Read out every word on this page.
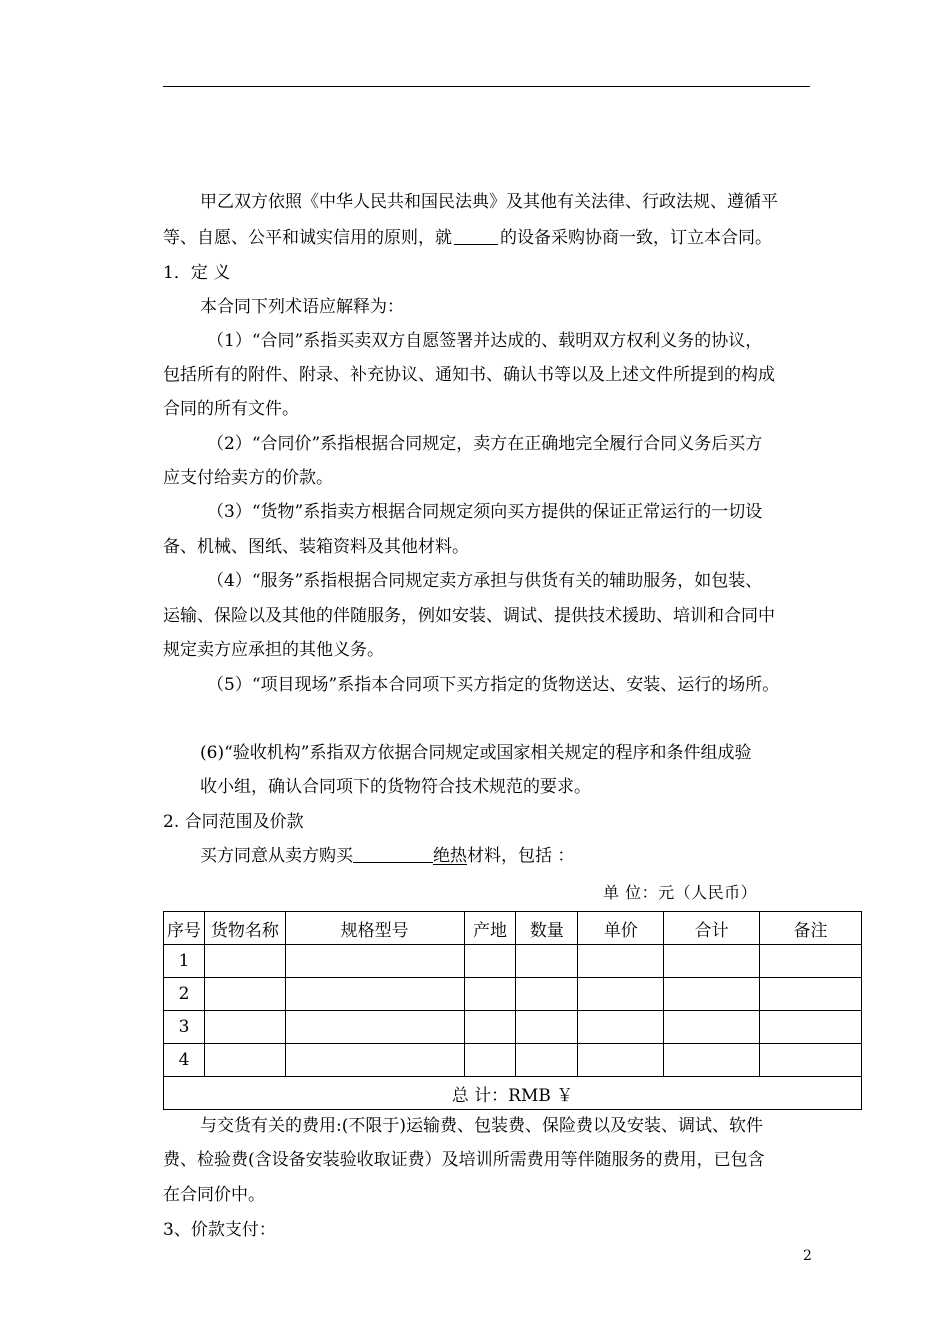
甲乙双方依照《中华人民共和国民法典》及其他有关法律、行政法规、遵循平
等、自愿、公平和诚实信用的原则，就	的设备采购协商一致，订立本合同。
1．定 义
本合同下列术语应解释为：
（1）“合同”系指买卖双方自愿签署并达成的、载明双方权利义务的协议，
包括所有的附件、附录、补充协议、通知书、确认书等以及上述文件所提到的构成
合同的所有文件。
（2）“合同价”系指根据合同规定，卖方在正确地完全履行合同义务后买方
应支付给卖方的价款。
（3）“货物”系指卖方根据合同规定须向买方提供的保证正常运行的一切设
备、机械、图纸、装箱资料及其他材料。
（4）“服务”系指根据合同规定卖方承担与供货有关的辅助服务，如包装、
运输、保险以及其他的伴随服务，例如安装、调试、提供技术援助、培训和合同中
规定卖方应承担的其他义务。
（5）“项目现场”系指本合同项下买方指定的货物送达、安装、运行的场所。
(6)“验收机构”系指双方依据合同规定或国家相关规定的程序和条件组成验
收小组，确认合同项下的货物符合技术规范的要求。
2. 合同范围及价款
买方同意从卖方购买	绝热材料，包括 ：
单 位：元（人民币）
序号	货物名称	规格型号	产地	数量	单价	合计	备注
1							
2							
3							
4							
总 计：RMB ￥							
与交货有关的费用:(不限于)运输费、包装费、保险费以及安装、调试、软件
费、检验费(含设备安装验收取证费）及培训所需费用等伴随服务的费用，已包含
在合同价中。
3、价款支付：
2
